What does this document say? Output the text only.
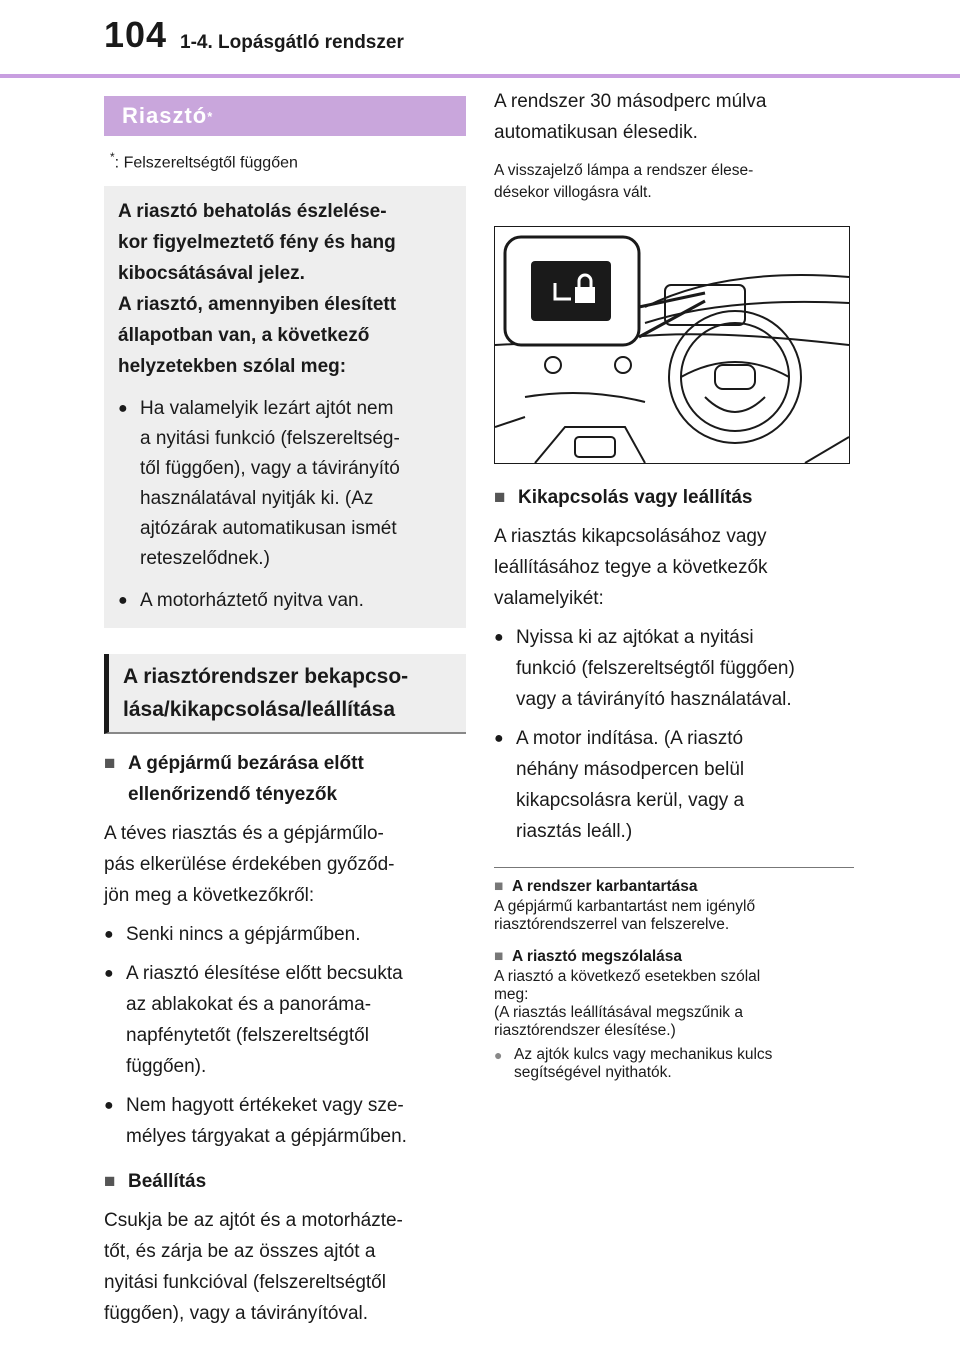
104 1-4. Lopásgátló rendszer
Riasztó *
*: Felszereltségtől függően
A riasztó behatolás észlelése-
kor figyelmeztető fény és hang
kibocsátásával jelez.
A riasztó, amennyiben élesített
állapotban van, a következő
helyzetekben szólal meg:
● Ha valamelyik lezárt ajtót nem
a nyitási funkció (felszereltség-
től függően), vagy a távirányító
használatával nyitják ki. (Az
ajtózárak automatikusan ismét
reteszelődnek.)
● A motorháztető nyitva van.
A riasztórendszer bekapcso-
lása/kikapcsolása/leállítása
■ A gépjármű bezárása előtt
ellenőrizendő tényezők
A téves riasztás és a gépjárműlo-
pás elkerülése érdekében győződ-
jön meg a következőkről:
● Senki nincs a gépjárműben.
● A riasztó élesítése előtt becsukta
az ablakokat és a panoráma-
napfénytetőt (felszereltségtől
függően).
● Nem hagyott értékeket vagy sze-
mélyes tárgyakat a gépjárműben.
■ Beállítás
Csukja be az ajtót és a motorházte-
tőt, és zárja be az összes ajtót a
nyitási funkcióval (felszereltségtől
függően), vagy a távirányítóval.
A rendszer 30 másodperc múlva
automatikusan élesedik.
A visszajelző lámpa a rendszer élese-
désekor villogásra vált.
■ Kikapcsolás vagy leállítás
A riasztás kikapcsolásához vagy
leállításához tegye a következők
valamelyikét:
● Nyissa ki az ajtókat a nyitási
funkció (felszereltségtől függően)
vagy a távirányító használatával.
● A motor indítása. (A riasztó
néhány másodpercen belül
kikapcsolásra kerül, vagy a
riasztás leáll.)
■ A rendszer karbantartása
A gépjármű karbantartást nem igénylő
riasztórendszerrel van felszerelve.
■ A riasztó megszólalása
A riasztó a következő esetekben szólal
meg:
(A riasztás leállításával megszűnik a
riasztórendszer élesítése.)
● Az ajtók kulcs vagy mechanikus kulcs
segítségével nyithatók.
